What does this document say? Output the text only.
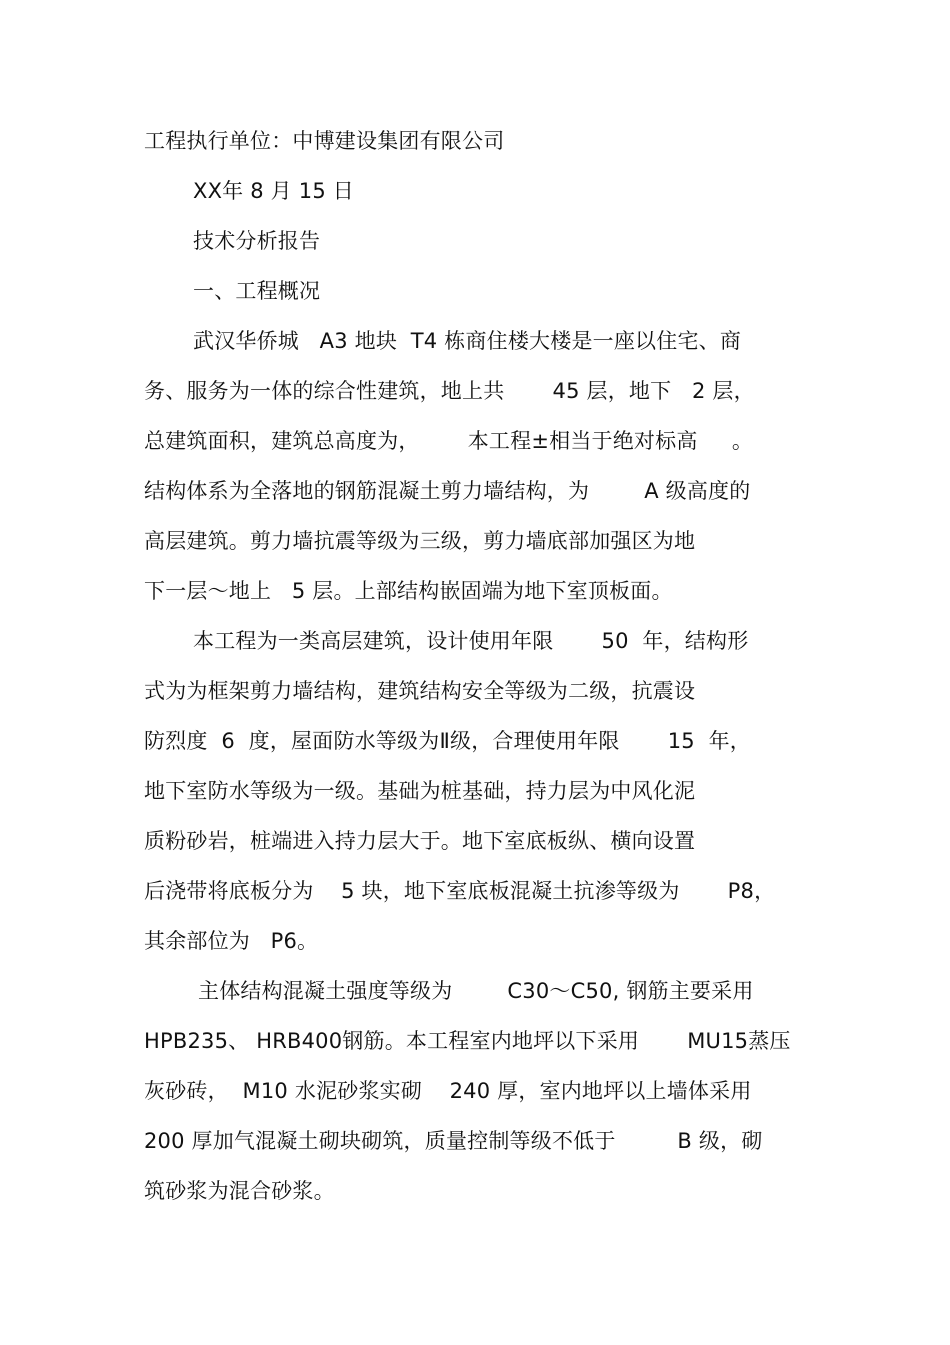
工程执行单位：中博建设集团有限公司
XX年 8 月 15 日
技术分析报告
一、工程概况
武汉华侨城   A3 地块  T4 栋商住楼大楼是一座以住宅、商
务、服务为一体的综合性建筑，地上共       45 层，地下   2 层，
总建筑面积，建筑总高度为，       本工程±相当于绝对标高     。
结构体系为全落地的钢筋混凝土剪力墙结构，为        A 级高度的
高层建筑。剪力墙抗震等级为三级，剪力墙底部加强区为地
下一层～地上   5 层。上部结构嵌固端为地下室顶板面。
本工程为一类高层建筑，设计使用年限       50  年，结构形
式为为框架剪力墙结构，建筑结构安全等级为二级，抗震设
防烈度  6  度，屋面防水等级为Ⅱ级，合理使用年限       15  年，
地下室防水等级为一级。基础为桩基础，持力层为中风化泥
质粉砂岩，桩端进入持力层大于。地下室底板纵、横向设置
后浇带将底板分为    5 块，地下室底板混凝土抗渗等级为       P8，
其余部位为   P6。
主体结构混凝土强度等级为        C30～C50, 钢筋主要采用
HPB235、 HRB400钢筋。本工程室内地坪以下采用       MU15蒸压
灰砂砖，  M10 水泥砂浆实砌    240 厚，室内地坪以上墙体采用
200 厚加气混凝土砌块砌筑，质量控制等级不低于         B 级，砌
筑砂浆为混合砂浆。
